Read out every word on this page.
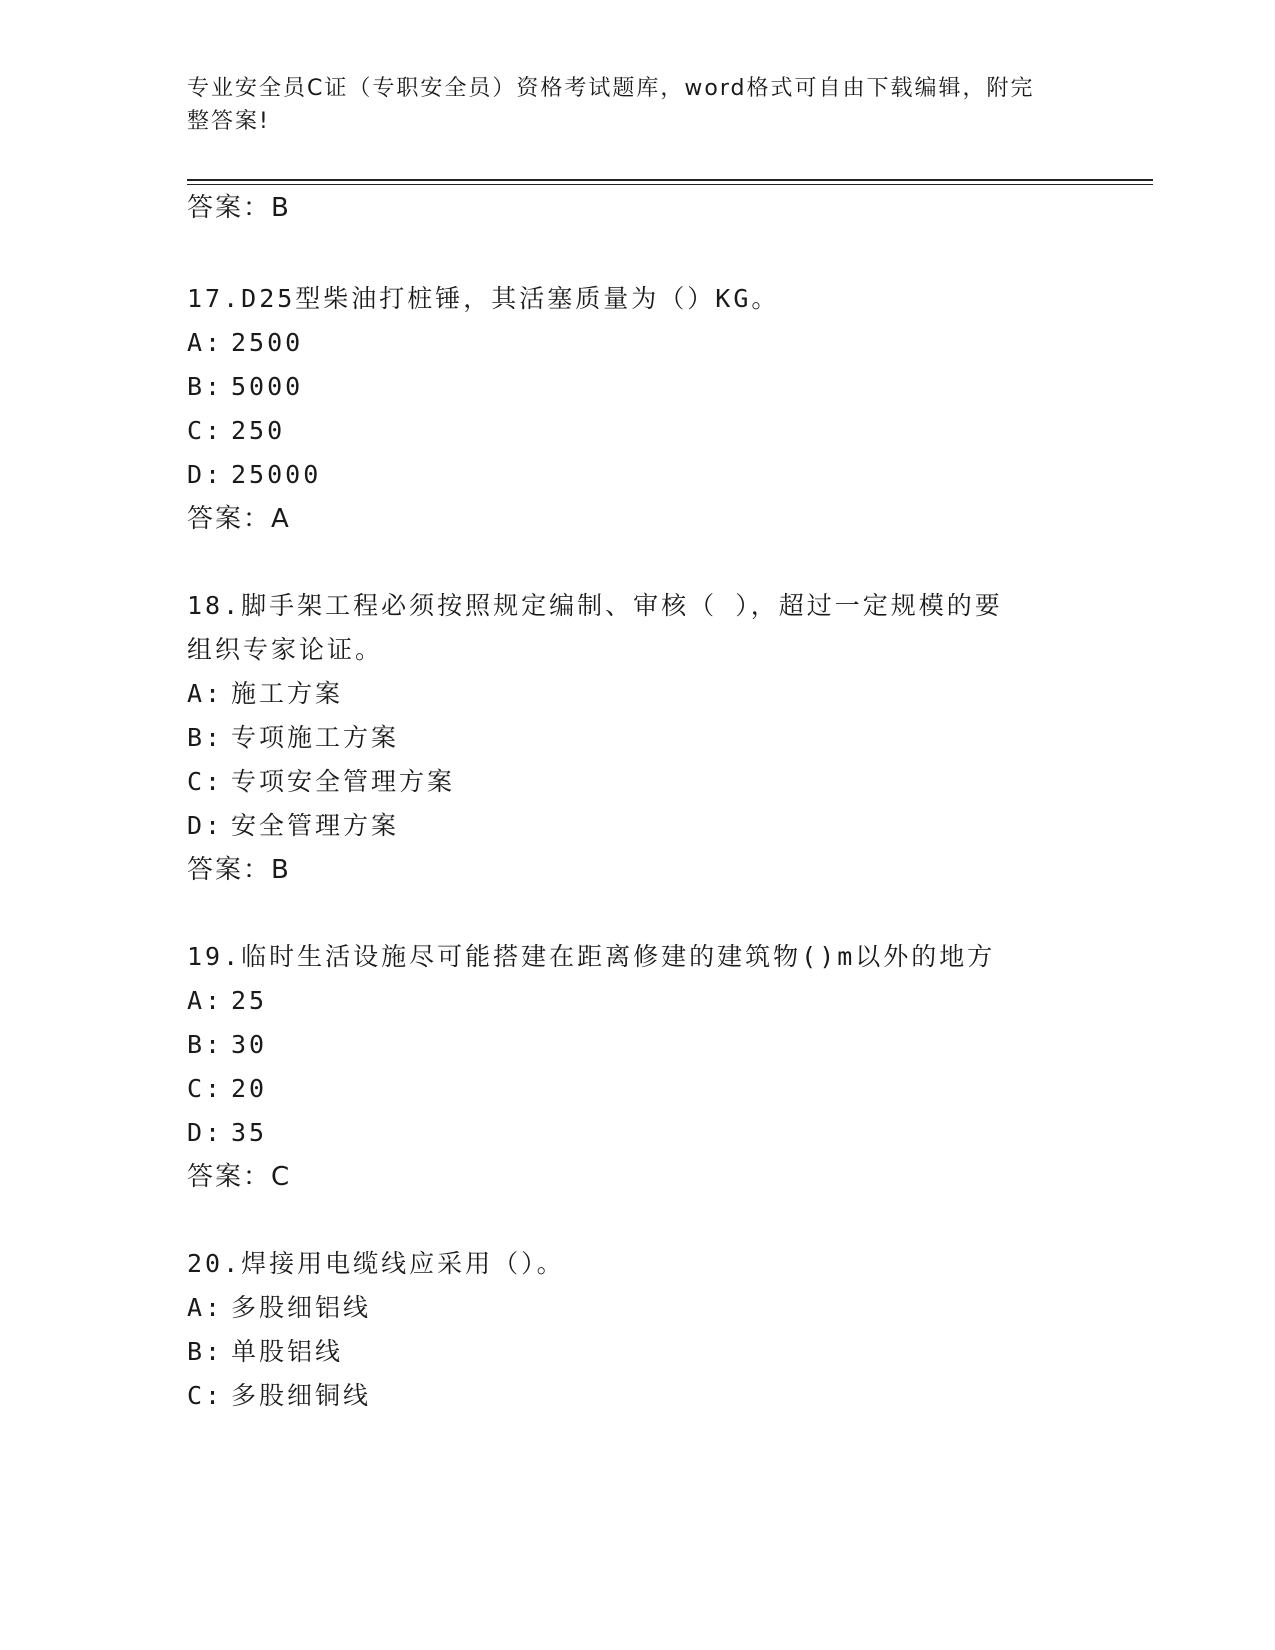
专业安全员C证（专职安全员）资格考试题库，word格式可自由下载编辑，附完
整答案!
答案：B
17.D25型柴油打桩锤，其活塞质量为（）KG。
A: 2500
B: 5000
C: 250
D: 25000
答案：A
18.脚手架工程必须按照规定编制、审核（ ），超过一定规模的要
组织专家论证。
A: 施工方案
B: 专项施工方案
C: 专项安全管理方案
D: 安全管理方案
答案：B
19.临时生活设施尽可能搭建在距离修建的建筑物()m以外的地方
A: 25
B: 30
C: 20
D: 35
答案：C
20.焊接用电缆线应采用（）。
A: 多股细铝线
B: 单股铝线
C: 多股细铜线
